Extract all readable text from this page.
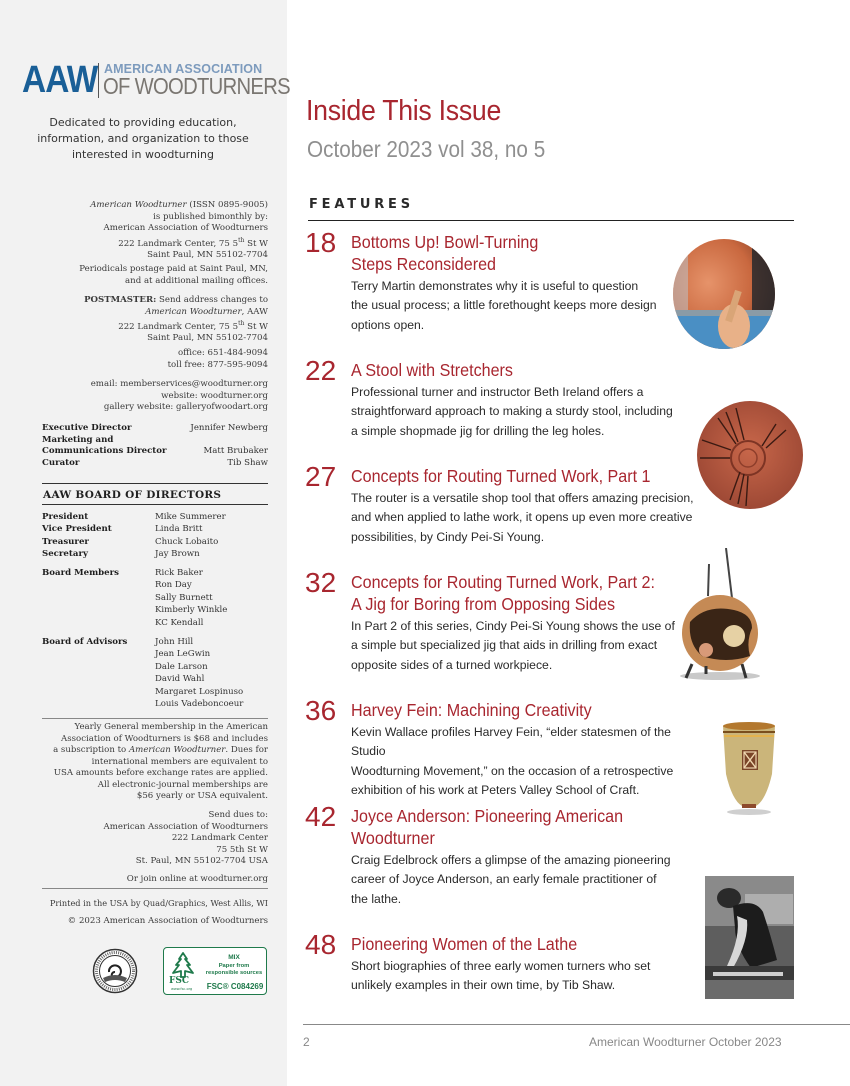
AAW AMERICAN ASSOCIATION
OF WOODTURNERS
Dedicated to providing education, information, and organization to those interested in woodturning
American Woodturner (ISSN 0895-9005)
is published bimonthly by:
American Association of Woodturners
222 Landmark Center, 75 5th St W
Saint Paul, MN 55102-7704
Periodicals postage paid at Saint Paul, MN,
and at additional mailing offices.
POSTMASTER: Send address changes to
American Woodturner, AAW
222 Landmark Center, 75 5th St W
Saint Paul, MN 55102-7704
office: 651-484-9094
toll free: 877-595-9094
email: memberservices@woodturner.org
website: woodturner.org
gallery website: galleryofwoodart.org
Executive Director	Jennifer Newberg
Marketing and
Communications Director	Matt Brubaker
Curator	Tib Shaw
AAW BOARD OF DIRECTORS
President	Mike Summerer
Vice President	Linda Britt
Treasurer	Chuck Lobaito
Secretary	Jay Brown
Board Members	Rick Baker
Ron Day
Sally Burnett
Kimberly Winkle
KC Kendall
Board of Advisors	John Hill
Jean LeGwin
Dale Larson
David Wahl
Margaret Lospinuso
Louis Vadeboncoeur
Yearly General membership in the American
Association of Woodturners is $68 and includes
a subscription to American Woodturner. Dues for
international members are equivalent to
USA amounts before exchange rates are applied.
All electronic-journal memberships are
$56 yearly or USA equivalent.
Send dues to:
American Association of Woodturners
222 Landmark Center
75 5th St W
St. Paul, MN 55102-7704 USA
Or join online at woodturner.org
Printed in the USA by Quad/Graphics, West Allis, WI
© 2023 American Association of Woodturners
FSC
www.fsc.org
MIX
Paper from
responsible sources
FSC® C084269
Inside This Issue
October 2023 vol 38, no 5
FEATURES
18 Bottoms Up! Bowl-Turning
Steps Reconsidered
Terry Martin demonstrates why it is useful to question
the usual process; a little forethought keeps more design
options open.
22 A Stool with Stretchers
Professional turner and instructor Beth Ireland offers a
straightforward approach to making a sturdy stool, including
a simple shopmade jig for drilling the leg holes.
27 Concepts for Routing Turned Work, Part 1
The router is a versatile shop tool that offers amazing precision,
and when applied to lathe work, it opens up even more creative
possibilities, by Cindy Pei-Si Young.
32 Concepts for Routing Turned Work, Part 2:
A Jig for Boring from Opposing Sides
In Part 2 of this series, Cindy Pei-Si Young shows the use of
a simple but specialized jig that aids in drilling from exact
opposite sides of a turned workpiece.
36 Harvey Fein: Machining Creativity
Kevin Wallace profiles Harvey Fein, “elder statesmen of the Studio
Woodturning Movement,” on the occasion of a retrospective
exhibition of his work at Peters Valley School of Craft.
42 Joyce Anderson: Pioneering American
Woodturner
Craig Edelbrock offers a glimpse of the amazing pioneering
career of Joyce Anderson, an early female practitioner of
the lathe.
48 Pioneering Women of the Lathe
Short biographies of three early women turners who set
unlikely examples in their own time, by Tib Shaw.
2	American Woodturner October 2023
